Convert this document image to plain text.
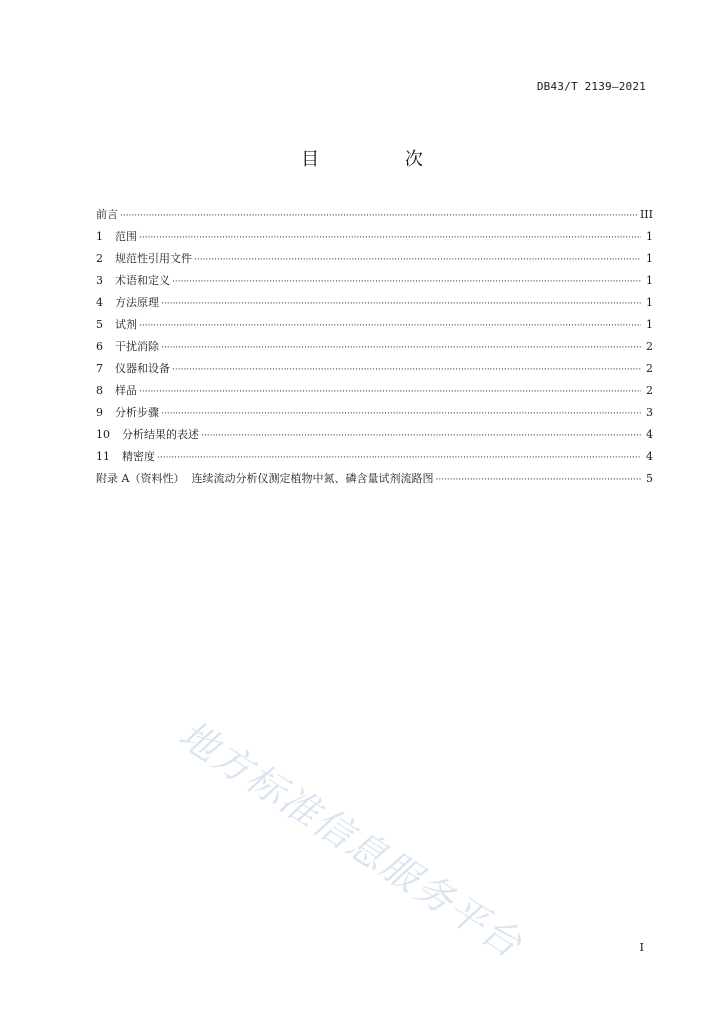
DB43/T 2139—2021
目 次
前言 ·····	III
1 范围 ·····	1
2 规范性引用文件 ·····	1
3 术语和定义 ·····	1
4 方法原理 ·····	1
5 试剂 ·····	1
6 干扰消除 ·····	2
7 仪器和设备 ·····	2
8 样品 ·····	2
9 分析步骤 ·····	3
10 分析结果的表述 ·····	4
11 精密度 ·····	4
附录 A（资料性） 连续流动分析仪测定植物中氮、磷含量试剂流路图 ·····	5
地方标准信息服务平台	I
